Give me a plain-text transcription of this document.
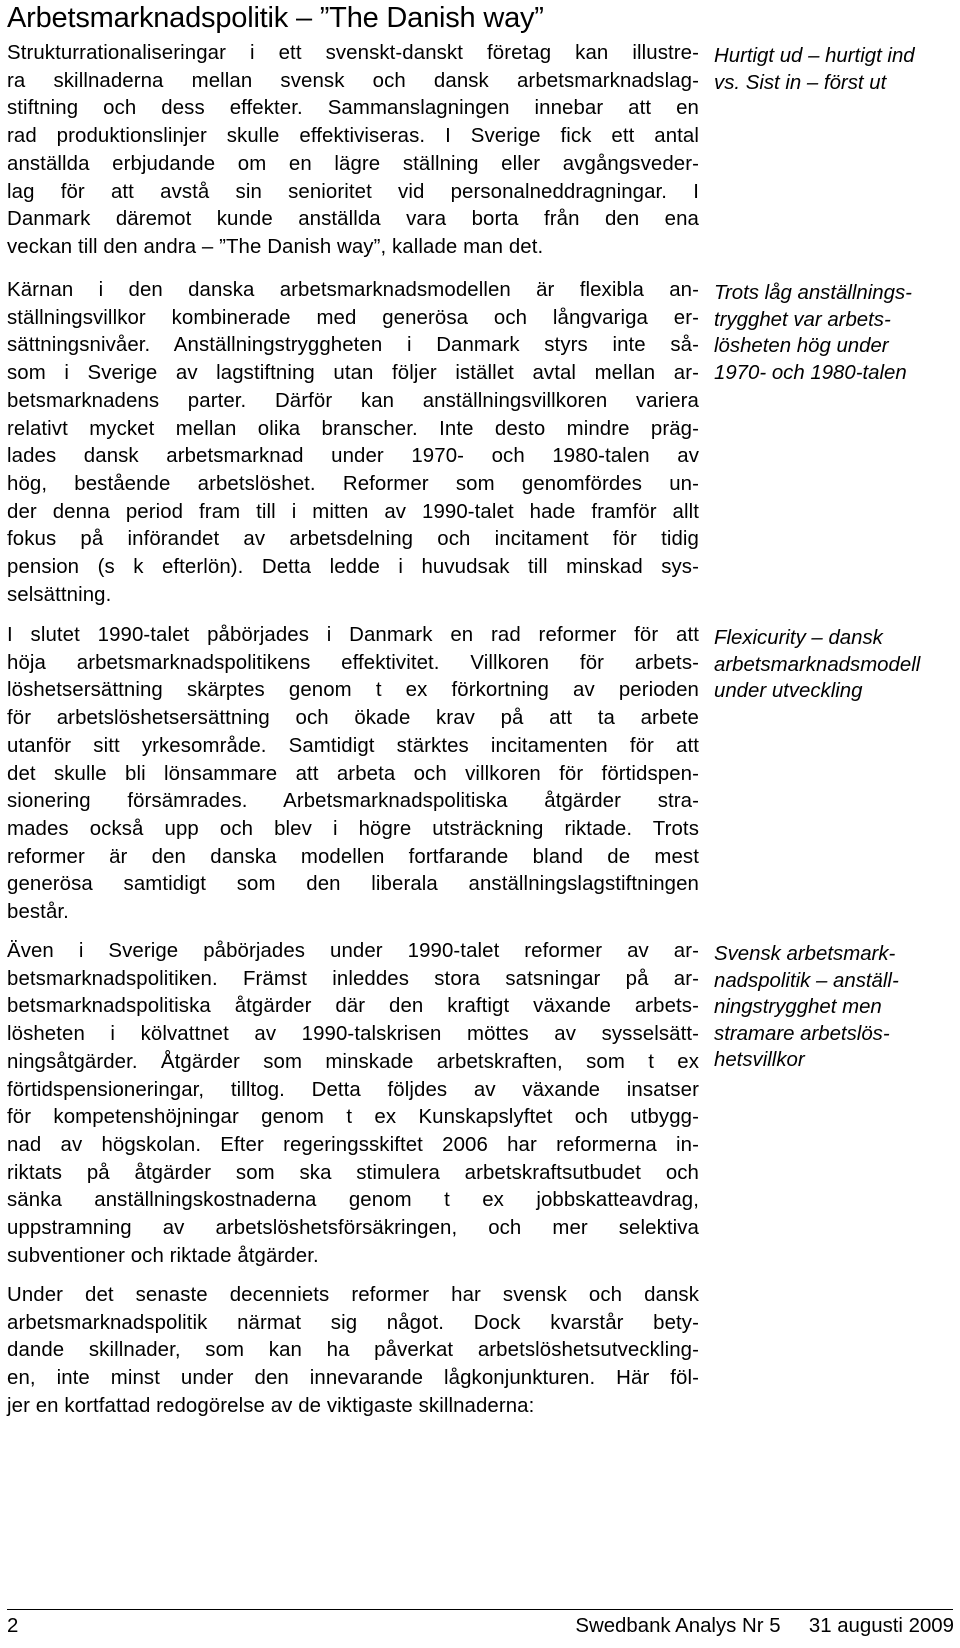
Arbetsmarknadspolitik – ”The Danish way”
Strukturrationaliseringar i ett svenskt-danskt företag kan illustre-
ra skillnaderna mellan svensk och dansk arbetsmarknadslag-
stiftning och dess effekter. Sammanslagningen innebar att en
rad produktionslinjer skulle effektiviseras. I Sverige fick ett antal
anställda erbjudande om en lägre ställning eller avgångsveder-
lag för att avstå sin senioritet vid personalneddragningar. I
Danmark däremot kunde anställda vara borta från den ena
veckan till den andra – ”The Danish way”, kallade man det.
Kärnan i den danska arbetsmarknadsmodellen är flexibla an-
ställningsvillkor kombinerade med generösa och långvariga er-
sättningsnivåer. Anställningstryggheten i Danmark styrs inte så-
som i Sverige av lagstiftning utan följer istället avtal mellan ar-
betsmarknadens parter. Därför kan anställningsvillkoren variera
relativt mycket mellan olika branscher. Inte desto mindre präg-
lades dansk arbetsmarknad under 1970- och 1980-talen av
hög, bestående arbetslöshet. Reformer som genomfördes un-
der denna period fram till i mitten av 1990-talet hade framför allt
fokus på införandet av arbetsdelning och incitament för tidig
pension (s k efterlön). Detta ledde i huvudsak till minskad sys-
selsättning.
I slutet 1990-talet påbörjades i Danmark en rad reformer för att
höja arbetsmarknadspolitikens effektivitet. Villkoren för arbets-
löshetsersättning skärptes genom t ex förkortning av perioden
för arbetslöshetsersättning och ökade krav på att ta arbete
utanför sitt yrkesområde. Samtidigt stärktes incitamenten för att
det skulle bli lönsammare att arbeta och villkoren för förtidspen-
sionering försämrades. Arbetsmarknadspolitiska åtgärder stra-
mades också upp och blev i högre utsträckning riktade. Trots
reformer är den danska modellen fortfarande bland de mest
generösa samtidigt som den liberala anställningslagstiftningen
består.
Även i Sverige påbörjades under 1990-talet reformer av ar-
betsmarknadspolitiken. Främst inleddes stora satsningar på ar-
betsmarknadspolitiska åtgärder där den kraftigt växande arbets-
lösheten i kölvattnet av 1990-talskrisen möttes av sysselsätt-
ningsåtgärder. Åtgärder som minskade arbetskraften, som t ex
förtidspensioneringar, tilltog. Detta följdes av växande insatser
för kompetenshöjningar genom t ex Kunskapslyftet och utbygg-
nad av högskolan. Efter regeringsskiftet 2006 har reformerna in-
riktats på åtgärder som ska stimulera arbetskraftsutbudet och
sänka anställningskostnaderna genom t ex jobbskatteavdrag,
uppstramning av arbetslöshetsförsäkringen, och mer selektiva
subventioner och riktade åtgärder.
Under det senaste decenniets reformer har svensk och dansk
arbetsmarknadspolitik närmat sig något. Dock kvarstår bety-
dande skillnader, som kan ha påverkat arbetslöshetsutveckling-
en, inte minst under den innevarande lågkonjunkturen. Här föl-
jer en kortfattad redogörelse av de viktigaste skillnaderna:
Hurtigt ud – hurtigt ind
vs. Sist in – först ut
Trots låg anställnings-
trygghet var arbets-
lösheten hög under
1970- och 1980-talen
Flexicurity – dansk
arbetsmarknadsmodell
under utveckling
Svensk arbetsmark-
nadspolitik – anställ-
ningstrygghet men
stramare arbetslös-
hetsvillkor
2	Swedbank Analys Nr 5     31 augusti 2009
